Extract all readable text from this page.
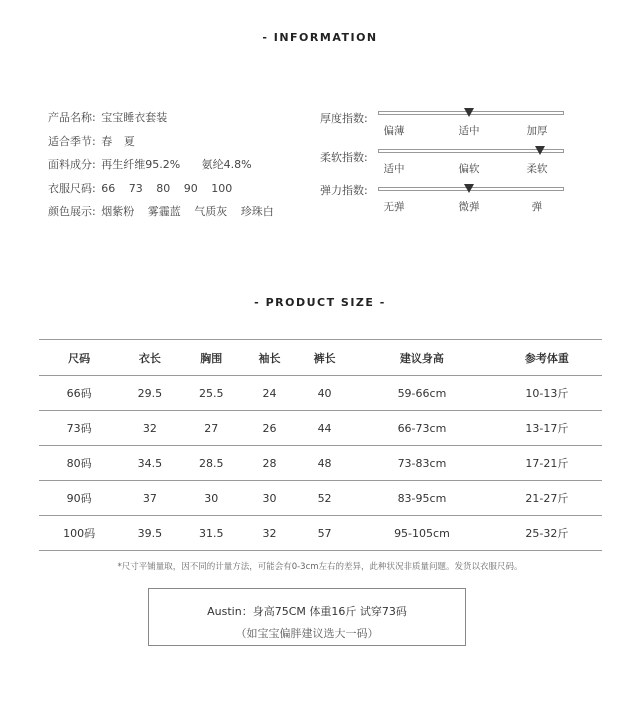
- INFORMATION
产品名称: 宝宝睡衣套装
适合季节: 春 夏
面料成分: 再生纤维95.2% 氨纶4.8%
衣服尺码: 66 73 80 90 100
颜色展示: 烟紫粉 雾霾蓝 气质灰 珍珠白
厚度指数:
偏薄	适中	加厚
柔软指数:
适中	偏软	柔软
弹力指数:
无弹	微弹	弹
- PRODUCT SIZE -
尺码	衣长	胸围	袖长	裤长	建议身高	参考体重
66码	29.5	25.5	24	40	59-66cm	10-13斤
73码	32	27	26	44	66-73cm	13-17斤
80码	34.5	28.5	28	48	73-83cm	17-21斤
90码	37	30	30	52	83-95cm	21-27斤
100码	39.5	31.5	32	57	95-105cm	25-32斤
*尺寸平铺量取，因不同的计量方法，可能会有0-3cm左右的差异，此种状况非质量问题。发货以衣服尺码。
Austin：身高75CM 体重16斤 试穿73码
（如宝宝偏胖建议选大一码）
